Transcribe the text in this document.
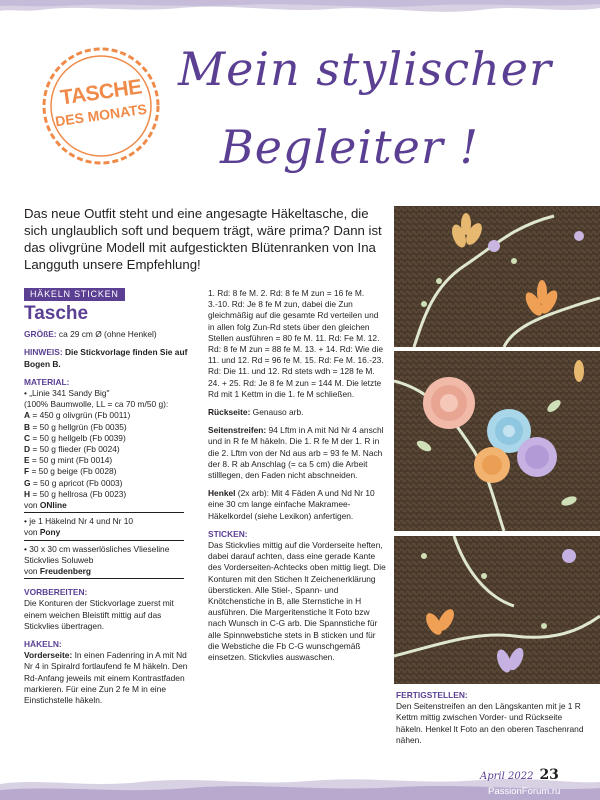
TASCHE
DES MONATS
Mein stylischer
Begleiter !
Das neue Outfit steht und eine angesagte Häkeltasche, die sich unglaublich soft und bequem trägt, wäre prima? Dann ist das olivgrüne Modell mit aufgestickten Blütenranken von Ina Langguth unsere Empfehlung!
HÄKELN STICKEN
Tasche
GRÖßE: ca 29 cm Ø (ohne Henkel)
HINWEIS: Die Stickvorlage finden Sie auf Bogen B.
MATERIAL:
• „Linie 341 Sandy Big"
(100% Baumwolle, LL = ca 70 m/50 g):
A = 450 g olivgrün (Fb 0011)
B = 50 g hellgrün (Fb 0035)
C = 50 g hellgelb (Fb 0039)
D = 50 g flieder (Fb 0024)
E = 50 g mint (Fb 0014)
F = 50 g beige (Fb 0028)
G = 50 g apricot (Fb 0003)
H = 50 g hellrosa (Fb 0023)
von ONline
• je 1 Häkelnd Nr 4 und Nr 10
von Pony
• 30 x 30 cm wasserlösliches Vlieseline Stickvlies Soluweb
von Freudenberg
VORBEREITEN:
Die Konturen der Stickvorlage zuerst mit einem weichen Bleistift mittig auf das Stickvlies übertragen.
HÄKELN:
Vorderseite: In einen Fadenring in A mit Nd Nr 4 in Spiralrd fortlaufend fe M häkeln. Den Rd-Anfang jeweils mit einem Kontrastfaden markieren. Für eine Zun 2 fe M in eine Einstichstelle häkeln.
1. Rd: 8 fe M. 2. Rd: 8 fe M zun = 16 fe M. 3.-10. Rd: Je 8 fe M zun, dabei die Zun gleichmäßig auf die gesamte Rd verteilen und in allen folg Zun-Rd stets über den gleichen Stellen ausführen = 80 fe M. 11. Rd: Fe M. 12. Rd: 8 fe M zun = 88 fe M. 13. + 14. Rd: Wie die 11. und 12. Rd = 96 fe M. 15. Rd: Fe M. 16.-23. Rd: Die 11. und 12. Rd stets wdh = 128 fe M. 24. + 25. Rd: Je 8 fe M zun = 144 M. Die letzte Rd mit 1 Kettm in die 1. fe M schließen.
Rückseite: Genauso arb.
Seitenstreifen: 94 Lftm in A mit Nd Nr 4 anschl und in R fe M häkeln. Die 1. R fe M der 1. R in die 2. Lftm von der Nd aus arb = 93 fe M. Nach der 8. R ab Anschlag (= ca 5 cm) die Arbeit stilllegen, den Faden nicht abschneiden.
Henkel (2x arb): Mit 4 Fäden A und Nd Nr 10 eine 30 cm lange einfache Makramee-Häkelkordel (siehe Lexikon) anfertigen.
STICKEN:
Das Stickvlies mittig auf die Vorderseite heften, dabei darauf achten, dass eine gerade Kante des Vorderseiten-Achtecks oben mittig liegt. Die Konturen mit den Stichen lt Zeichenerklärung übersticken. Alle Stiel-, Spann- und Knötchenstiche in B, alle Sternstiche in H ausführen. Die Margeritenstiche lt Foto bzw nach Wunsch in C-G arb. Die Spannstiche für alle Spinnwebstiche stets in B sticken und für die Webstiche die Fb C-G wunschgemäß einsetzen. Stickvlies auswaschen.
FERTIGSTELLEN:
Den Seitenstreifen an den Längskanten mit je 1 R Kettm mittig zwischen Vorder- und Rückseite häkeln. Henkel lt Foto an den oberen Taschenrand nähen.
April 2022 23
PassionForum.ru
